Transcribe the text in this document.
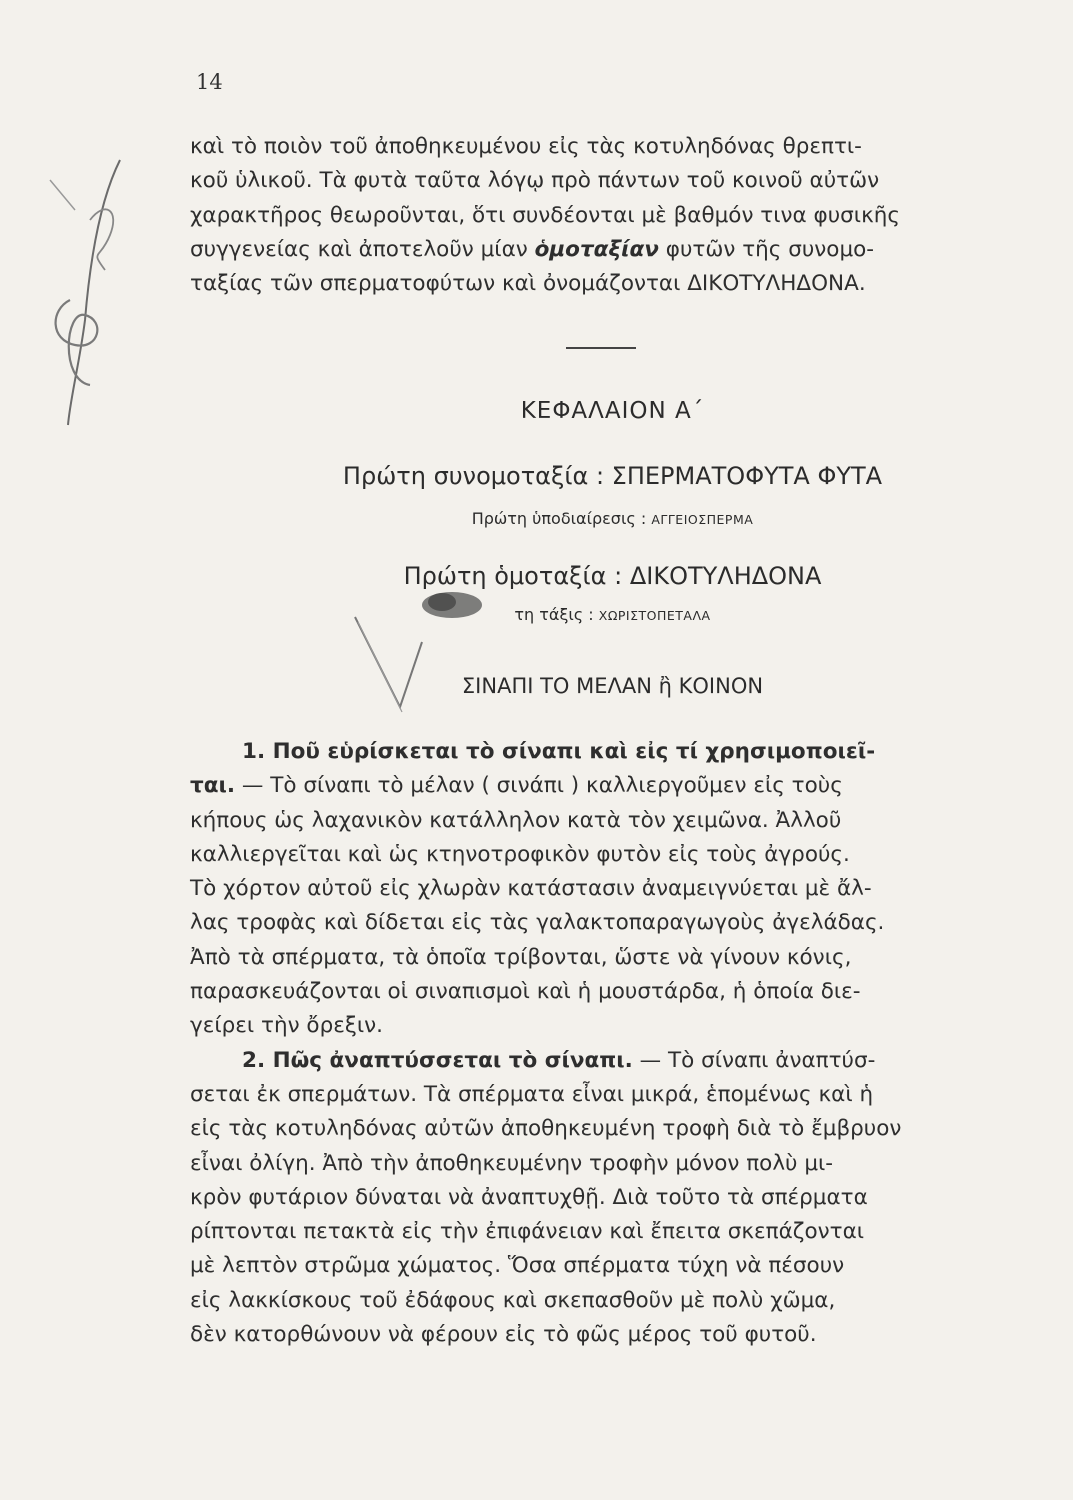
14
καὶ τὸ ποιὸν τοῦ ἀποθηκευμένου εἰς τὰς κοτυληδόνας θρεπτι-
κοῦ ὑλικοῦ. Τὰ φυτὰ ταῦτα λόγῳ πρὸ πάντων τοῦ κοινοῦ αὐτῶν
χαρακτῆρος θεωροῦνται, ὅτι συνδέονται μὲ βαθμόν τινα φυσικῆς
συγγενείας καὶ ἀποτελοῦν μίαν ὁμοταξίαν φυτῶν τῆς συνομο-
ταξίας τῶν σπερματοφύτων καὶ ὀνομάζονται ΔΙΚΟΤΥΛΗΔΟΝΑ.
ΚΕΦΑΛΑΙΟΝ Α΄
Πρώτη συνομοταξία : ΣΠΕΡΜΑΤΟΦΥΤΑ ΦΥΤΑ
Πρώτη ὑποδιαίρεσις : ΑΓΓΕΙΟΣΠΕΡΜΑ
Πρώτη ὁμοταξία : ΔΙΚΟΤΥΛΗΔΟΝΑ
τη τάξις : ΧΩΡΙΣΤΟΠΕΤΑΛΑ
ΣΙΝΑΠΙ ΤΟ ΜΕΛΑΝ ἢ ΚΟΙΝΟΝ
1. Ποῦ εὑρίσκεται τὸ σίναπι καὶ εἰς τί χρησιμοποιεῖ-
ται. — Τὸ σίναπι τὸ μέλαν ( σινάπι ) καλλιεργοῦμεν εἰς τοὺς
κήπους ὡς λαχανικὸν κατάλληλον κατὰ τὸν χειμῶνα. Ἀλλοῦ
καλλιεργεῖται καὶ ὡς κτηνοτροφικὸν φυτὸν εἰς τοὺς ἀγρούς.
Τὸ χόρτον αὐτοῦ εἰς χλωρὰν κατάστασιν ἀναμειγνύεται μὲ ἄλ-
λας τροφὰς καὶ δίδεται εἰς τὰς γαλακτοπαραγωγοὺς ἀγελάδας.
Ἀπὸ τὰ σπέρματα, τὰ ὁποῖα τρίβονται, ὥστε νὰ γίνουν κόνις,
παρασκευάζονται οἱ σιναπισμοὶ καὶ ἡ μουστάρδα, ἡ ὁποία διε-
γείρει τὴν ὄρεξιν.
2. Πῶς ἀναπτύσσεται τὸ σίναπι. — Τὸ σίναπι ἀναπτύσ-
σεται ἐκ σπερμάτων. Τὰ σπέρματα εἶναι μικρά, ἑπομένως καὶ ἡ
εἰς τὰς κοτυληδόνας αὐτῶν ἀποθηκευμένη τροφὴ διὰ τὸ ἔμβρυον
εἶναι ὀλίγη. Ἀπὸ τὴν ἀποθηκευμένην τροφὴν μόνον πολὺ μι-
κρὸν φυτάριον δύναται νὰ ἀναπτυχθῇ. Διὰ τοῦτο τὰ σπέρματα
ρίπτονται πετακτὰ εἰς τὴν ἐπιφάνειαν καὶ ἔπειτα σκεπάζονται
μὲ λεπτὸν στρῶμα χώματος. Ὅσα σπέρματα τύχη νὰ πέσουν
εἰς λακκίσκους τοῦ ἐδάφους καὶ σκεπασθοῦν μὲ πολὺ χῶμα,
δὲν κατορθώνουν νὰ φέρουν εἰς τὸ φῶς μέρος τοῦ φυτοῦ.
